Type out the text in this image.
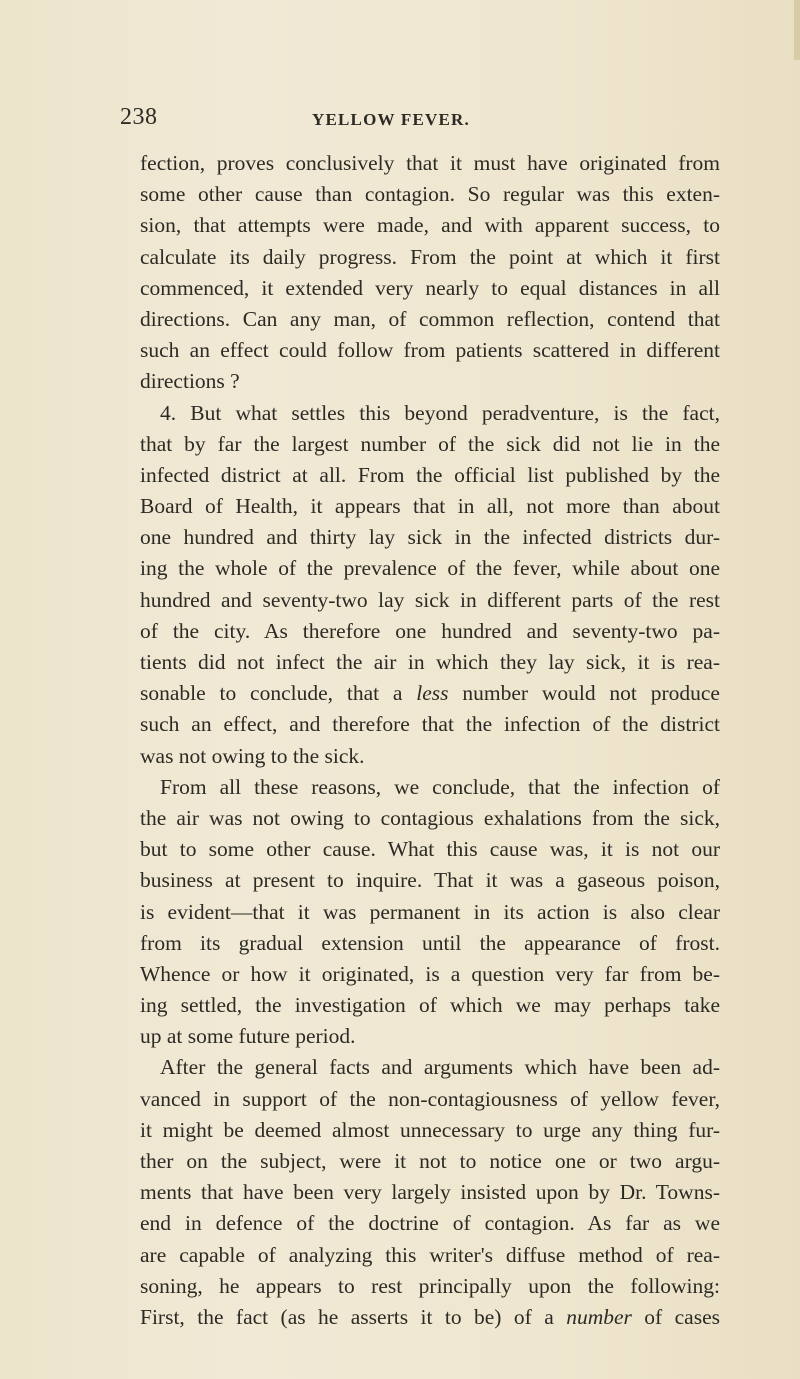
238	YELLOW FEVER.
fection, proves conclusively that it must have originated from
some other cause than contagion. So regular was this exten-
sion, that attempts were made, and with apparent success, to
calculate its daily progress. From the point at which it first
commenced, it extended very nearly to equal distances in all
directions. Can any man, of common reflection, contend that
such an effect could follow from patients scattered in different
directions ?
4. But what settles this beyond peradventure, is the fact,
that by far the largest number of the sick did not lie in the
infected district at all. From the official list published by the
Board of Health, it appears that in all, not more than about
one hundred and thirty lay sick in the infected districts dur-
ing the whole of the prevalence of the fever, while about one
hundred and seventy-two lay sick in different parts of the rest
of the city. As therefore one hundred and seventy-two pa-
tients did not infect the air in which they lay sick, it is rea-
sonable to conclude, that a less number would not produce
such an effect, and therefore that the infection of the district
was not owing to the sick.
From all these reasons, we conclude, that the infection of
the air was not owing to contagious exhalations from the sick,
but to some other cause. What this cause was, it is not our
business at present to inquire. That it was a gaseous poison,
is evident—that it was permanent in its action is also clear
from its gradual extension until the appearance of frost.
Whence or how it originated, is a question very far from be-
ing settled, the investigation of which we may perhaps take
up at some future period.
After the general facts and arguments which have been ad-
vanced in support of the non-contagiousness of yellow fever,
it might be deemed almost unnecessary to urge any thing fur-
ther on the subject, were it not to notice one or two argu-
ments that have been very largely insisted upon by Dr. Towns-
end in defence of the doctrine of contagion. As far as we
are capable of analyzing this writer's diffuse method of rea-
soning, he appears to rest principally upon the following:
First, the fact (as he asserts it to be) of a number of cases
